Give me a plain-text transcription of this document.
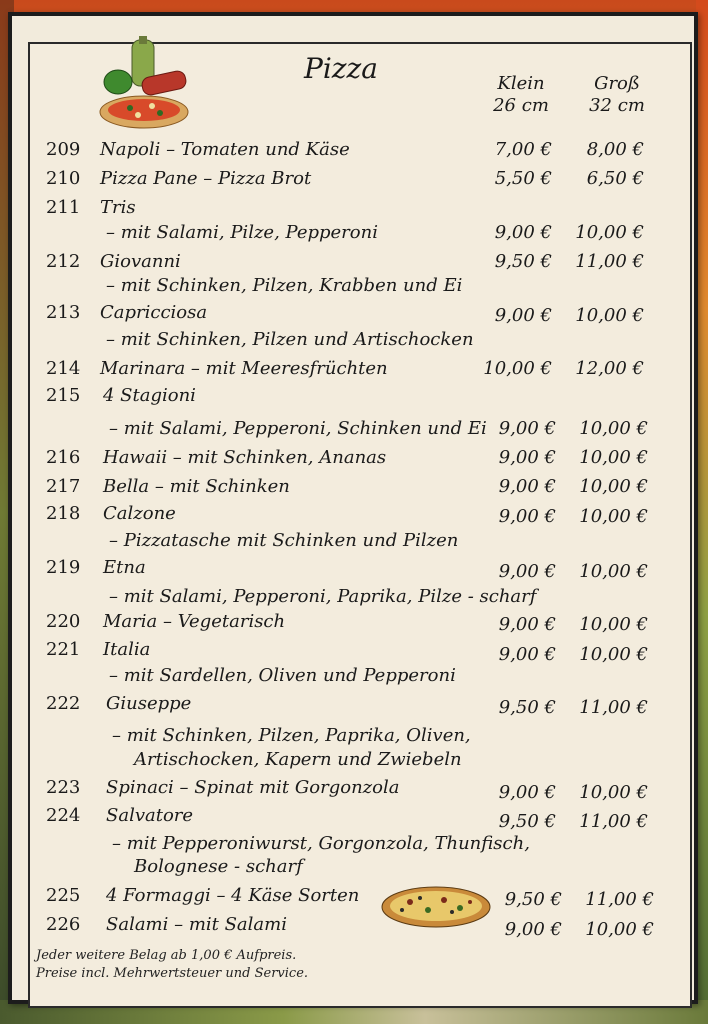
Pizza	Klein
26 cm
Groß
32 cm
209 Napoli – Tomaten und Käse	7,00 €	8,00 €
210 Pizza Pane – Pizza Brot	5,50 €	6,50 €
211 Tris
– mit Salami, Pilze, Pepperoni	9,00 €	10,00 €
212 Giovanni
– mit Schinken, Pilzen, Krabben und Ei
9,50 €	11,00 €
213 Capricciosa
– mit Schinken, Pilzen und Artischocken
9,00 €	10,00 €
214 Marinara – mit Meeresfrüchten	10,00 €	12,00 €
215 4 Stagioni
– mit Salami, Pepperoni, Schinken und Ei 9,00 €	10,00 €
216 Hawaii – mit Schinken, Ananas	9,00 €	10,00 €
217 Bella – mit Schinken	9,00 €	10,00 €
218 Calzone
– Pizzatasche mit Schinken und Pilzen
9,00 €	10,00 €
219 Etna
– mit Salami, Pepperoni, Paprika, Pilze - scharf
9,00 €	10,00 €
220 Maria – Vegetarisch	9,00 €	10,00 €
221 Italia
– mit Sardellen, Oliven und Pepperoni
9,00 €	10,00 €
222 Giuseppe
– mit Schinken, Pilzen, Paprika, Oliven,
Artischocken, Kapern und Zwiebeln
9,50 €	11,00 €
223 Spinaci – Spinat mit Gorgonzola	9,00 €	10,00 €
224 Salvatore
– mit Pepperoniwurst, Gorgonzola, Thunfisch,
Bolognese - scharf
9,50 €	11,00 €
225 4 Formaggi – 4 Käse Sorten	9,50 €	11,00 €
226 Salami – mit Salami	9,00 €	10,00 €
Jeder weitere Belag ab 1,00 € Aufpreis.
Preise incl. Mehrwertsteuer und Service.
